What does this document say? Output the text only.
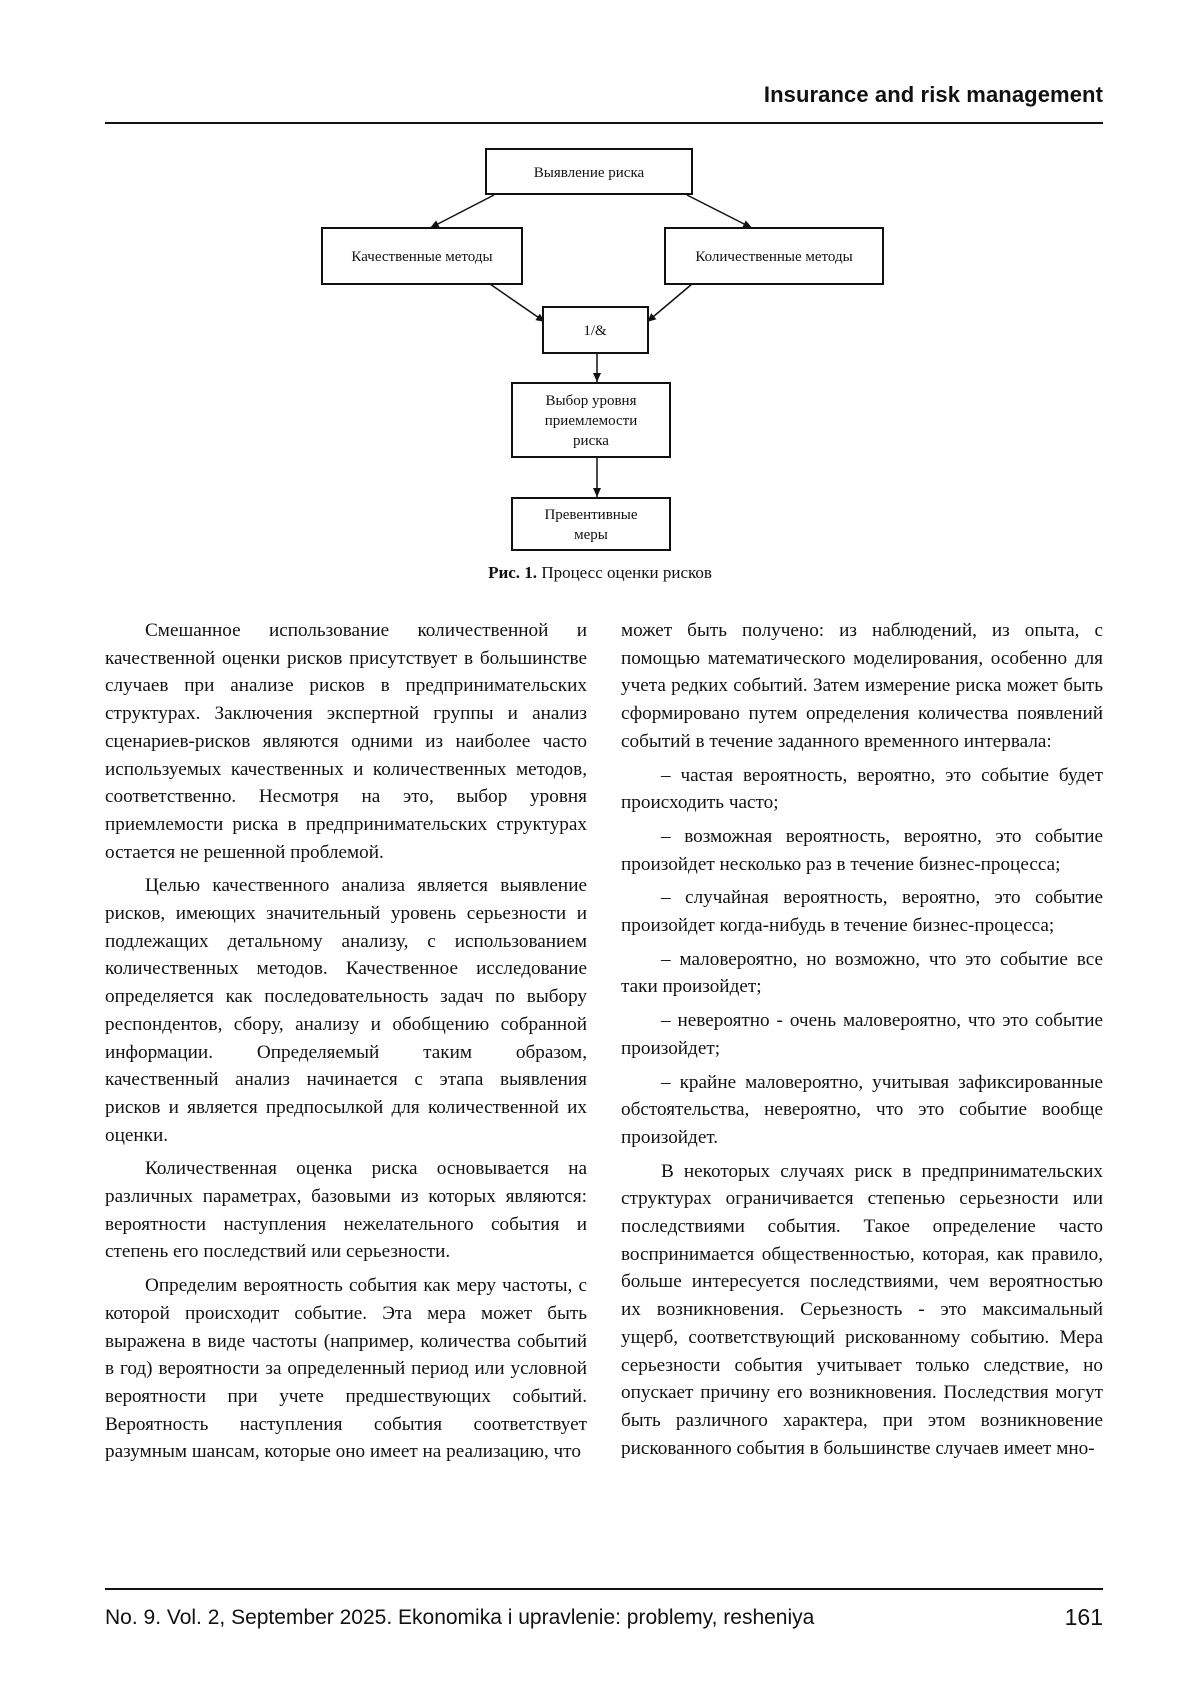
Insurance and risk management
Выявление риска
Качественные методы	Количественные методы
1/&
Выбор уровня
приемлемости
риска
Превентивные
меры
Рис. 1. Процесс оценки рисков

Смешанное использование количественной и качественной оценки рисков присутствует в большинстве случаев при анализе рисков в предпринимательских структурах. Заключения экспертной группы и анализ сценариев-рисков являются одними из наиболее часто используемых качественных и количественных методов, соответственно. Несмотря на это, выбор уровня приемлемости риска в предпринимательских структурах остается не решенной проблемой.

Целью качественного анализа является выявление рисков, имеющих значительный уровень серьезности и подлежащих детальному анализу, с использованием количественных методов. Качественное исследование определяется как последовательность задач по выбору респондентов, сбору, анализу и обобщению собранной информации. Определяемый таким образом, качественный анализ начинается с этапа выявления рисков и является предпосылкой для количественной их оценки.

Количественная оценка риска основывается на различных параметрах, базовыми из которых являются: вероятности наступления нежелательного события и степень его последствий или серьезности.

Определим вероятность события как меру частоты, с которой происходит событие. Эта мера может быть выражена в виде частоты (например, количества событий в год) вероятности за определенный период или условной вероятности при учете предшествующих событий. Вероятность наступления события соответствует разумным шансам, которые оно имеет на реализацию, что

может быть получено: из наблюдений, из опыта, с помощью математического моделирования, особенно для учета редких событий. Затем измерение риска может быть сформировано путем определения количества появлений событий в течение заданного временного интервала:

– частая вероятность, вероятно, это событие будет происходить часто;

– возможная вероятность, вероятно, это событие произойдет несколько раз в течение бизнес-процесса;

– случайная вероятность, вероятно, это событие произойдет когда-нибудь в течение бизнес-процесса;

– маловероятно, но возможно, что это событие все таки произойдет;

– невероятно - очень маловероятно, что это событие произойдет;

– крайне маловероятно, учитывая зафиксированные обстоятельства, невероятно, что это событие вообще произойдет.

В некоторых случаях риск в предпринимательских структурах ограничивается степенью серьезности или последствиями события. Такое определение часто воспринимается общественностью, которая, как правило, больше интересуется последствиями, чем вероятностью их возникновения. Серьезность - это максимальный ущерб, соответствующий рискованному событию. Мера серьезности события учитывает только следствие, но опускает причину его возникновения. Последствия могут быть различного характера, при этом возникновение рискованного события в большинстве случаев имеет мно-

No. 9. Vol. 2, September 2025. Ekonomika i upravlenie: problemy, resheniya	161
